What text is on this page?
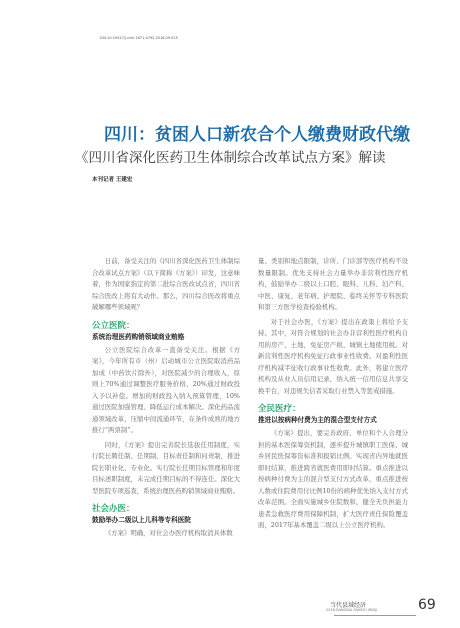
D0I:10.19417/j.cnki.1671-4792.2018.09.025
四川：贫困人口新农合个人缴费财政代缴
《四川省深化医药卫生体制综合改革试点方案》解读
本刊记者 王建宏

日前，备受关注的《四川省深化医药卫生体制综合改革试点方案》（以下简称《方案》）印发，这意味着，作为国家指定的第二批综合医改试点省，四川省综合医改上将有大动作。那么，四川综合医改将重点破解哪些领域呢？

公立医院：
系统治理医药购销领域商业贿赂

公立医院综合改革一直备受关注。根据《方案》，今年所有市（州）启动城市公立医院取消药品加成（中药饮片除外），对医院减少的合理收入，原则上70%通过调整医疗服务价格、20%通过财政投入予以补偿。增加的财政投入纳入预算管理，10%通过医院加强管理、降低运行成本解决。深化药品流通领域改革，压缩中间流通环节，在条件成熟的地方推行“两票制”。

同时，《方案》提出完善院长选拔任用制度，实行院长聘任制、任期制、目标责任制和问责制，推进院长职业化、专业化。实行院长任期目标管理和年度目标述职制度，未完成任期目标的不得连任。深化大型医院专项巡查，系统治理医药购销领域商业贿赂。

社会办医：
鼓励举办二级以上儿科等专科医院

《方案》明确，对社会办医疗机构取消具体数

量、类别和地点限制，诊所、门诊部等医疗机构不设数量限制。优先支持社会力量举办非营利性医疗机构，鼓励举办二级以上口腔、眼科、儿科、妇产科、中医、康复、老年病、护理院、临终关怀等专科医院和第三方医学检查检验机构。

对于社会办医，《方案》提出在政策上将给予支持。其中，对符合规划的社会办非营利性医疗机构自用的房产、土地，免征房产税、城镇土地使用税。对新营利性医疗机构免征行政事业性收费。对盈利性医疗机构减半征收行政事业性收费。此外，将建立医疗机构及从业人员信用记录，纳入统一信用信息共享交换平台，对违规失信者采取行业禁入等惩戒措施。

全民医疗：
推进以按病种付费为主的混合型支付方式

《方案》提出，要完善政府、单位和个人合理分担的基本医保筹资机制，逐步提升城镇职工医保、城乡居民医保筹资标准和报销比例。实现省内异地就医即时结算，推进跨省就医费用即时结算。重点推进以按病种付费为主的混合型支付方式改革，重点推进按人数或住院费用付比例10份的病种优先纳入支付方式改革范围。全面实施城乡住院数和，健全无负担能力患者急救医疗费用保障机制，扩大医疗责任保险覆盖面，2017年基本覆盖二级以上公立医疗机构。

当代县域经济
2018.DANGDAI XIANYU JINGJI	69
